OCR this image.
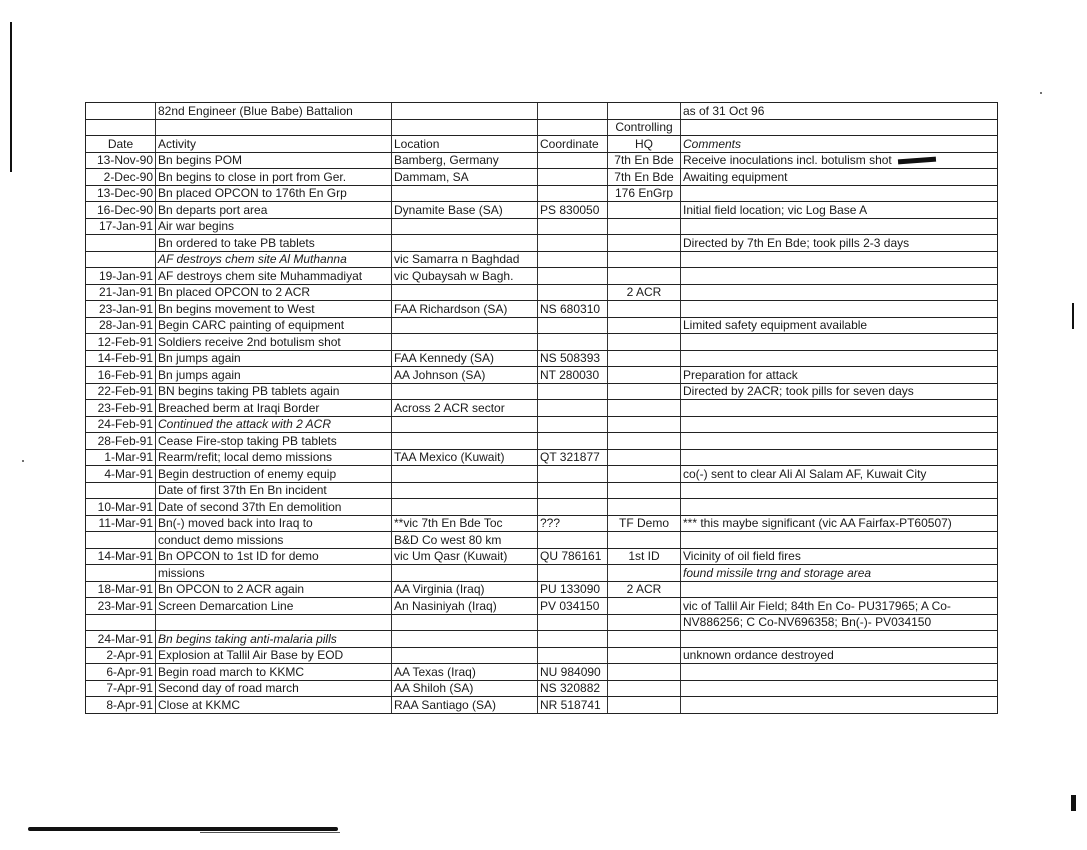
	82nd Engineer (Blue Babe) Battalion				as of 31 Oct 96
				Controlling	
Date	Activity	Location	Coordinate	HQ	Comments
13-Nov-90	Bn begins POM	Bamberg, Germany		7th En Bde	Receive inoculations incl. botulism shot
2-Dec-90	Bn begins to close in port from Ger.	Dammam, SA		7th En Bde	Awaiting equipment
13-Dec-90	Bn placed OPCON to 176th En Grp			176 EnGrp	
16-Dec-90	Bn departs port area	Dynamite Base (SA)	PS 830050		Initial field location; vic Log Base A
17-Jan-91	Air war begins				
	Bn ordered to take PB tablets				Directed by 7th En Bde; took pills 2-3 days
	AF destroys chem site Al Muthanna	vic Samarra n Baghdad			
19-Jan-91	AF destroys chem site Muhammadiyat	vic Qubaysah w Bagh.			
21-Jan-91	Bn placed OPCON to 2 ACR			2 ACR	
23-Jan-91	Bn begins movement to West	FAA Richardson (SA)	NS 680310		
28-Jan-91	Begin CARC painting of equipment				Limited safety equipment available
12-Feb-91	Soldiers receive 2nd botulism shot				
14-Feb-91	Bn jumps again	FAA Kennedy (SA)	NS 508393		
16-Feb-91	Bn jumps again	AA Johnson (SA)	NT 280030		Preparation for attack
22-Feb-91	BN begins taking PB tablets again				Directed by 2ACR; took pills for seven days
23-Feb-91	Breached berm at Iraqi Border	Across 2 ACR sector			
24-Feb-91	Continued the attack with 2 ACR				
28-Feb-91	Cease Fire-stop taking PB tablets				
1-Mar-91	Rearm/refit; local demo missions	TAA Mexico (Kuwait)	QT 321877		
4-Mar-91	Begin destruction of enemy equip				co(-) sent to clear Ali Al Salam AF, Kuwait City
	Date of first 37th En Bn incident				
10-Mar-91	Date of second 37th En demolition				
11-Mar-91	Bn(-) moved back into Iraq to	**vic 7th En Bde Toc	???	TF Demo	*** this maybe significant (vic AA Fairfax-PT60507)
	conduct demo missions	B&D Co west 80 km			
14-Mar-91	Bn OPCON to 1st ID for demo	vic Um Qasr (Kuwait)	QU 786161	1st ID	Vicinity of oil field fires
	missions				found missile trng and storage area
18-Mar-91	Bn OPCON to 2 ACR again	AA Virginia (Iraq)	PU 133090	2 ACR	
23-Mar-91	Screen Demarcation Line	An Nasiniyah (Iraq)	PV 034150		vic of Tallil Air Field; 84th En Co- PU317965; A Co-
					NV886256; C Co-NV696358; Bn(-)- PV034150
24-Mar-91	Bn begins taking anti-malaria pills				
2-Apr-91	Explosion at Tallil Air Base by EOD				unknown ordance destroyed
6-Apr-91	Begin road march to KKMC	AA Texas (Iraq)	NU 984090		
7-Apr-91	Second day of road march	AA Shiloh (SA)	NS 320882		
8-Apr-91	Close at KKMC	RAA Santiago (SA)	NR 518741		
